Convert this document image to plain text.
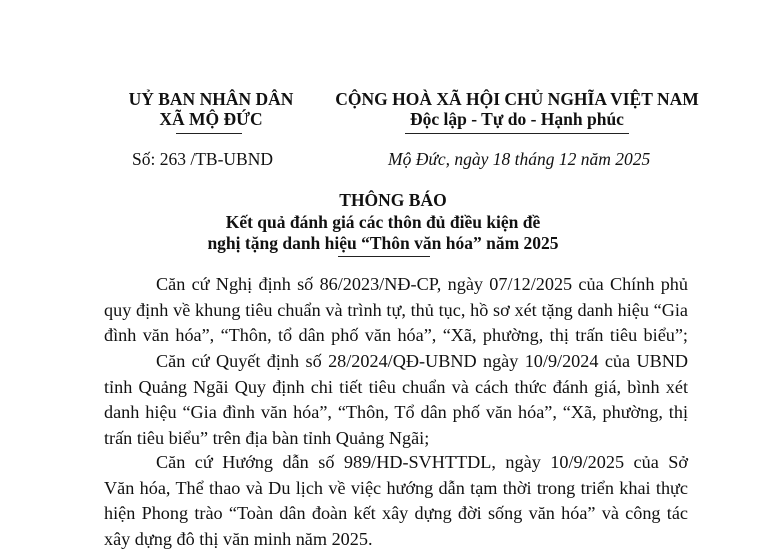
UỶ BAN NHÂN DÂN
XÃ MỘ ĐỨC
CỘNG HOÀ XÃ HỘI CHỦ NGHĨA VIỆT NAM
Độc lập - Tự do - Hạnh phúc
Số: 263 /TB-UBND	Mộ Đức, ngày 18 tháng 12 năm 2025
THÔNG BÁO
Kết quả đánh giá các thôn đủ điều kiện đề
nghị tặng danh hiệu “Thôn văn hóa” năm 2025

Căn cứ Nghị định số 86/2023/NĐ-CP, ngày 07/12/2025 của Chính phủ

quy định về khung tiêu chuẩn và trình tự, thủ tục, hồ sơ xét tặng danh hiệu “Gia

đình văn hóa”, “Thôn, tổ dân phố văn hóa”, “Xã, phường, thị trấn tiêu biểu”;

Căn cứ Quyết định số 28/2024/QĐ-UBND ngày 10/9/2024 của UBND

tỉnh Quảng Ngãi Quy định chi tiết tiêu chuẩn và cách thức đánh giá, bình xét

danh hiệu “Gia đình văn hóa”, “Thôn, Tổ dân phố văn hóa”, “Xã, phường, thị

trấn tiêu biểu” trên địa bàn tỉnh Quảng Ngãi;

Căn cứ Hướng dẫn số 989/HD-SVHTTDL, ngày 10/9/2025 của Sở

Văn hóa, Thể thao và Du lịch về việc hướng dẫn tạm thời trong triển khai thực

hiện Phong trào “Toàn dân đoàn kết xây dựng đời sống văn hóa” và công tác

xây dựng đô thị văn minh năm 2025.
